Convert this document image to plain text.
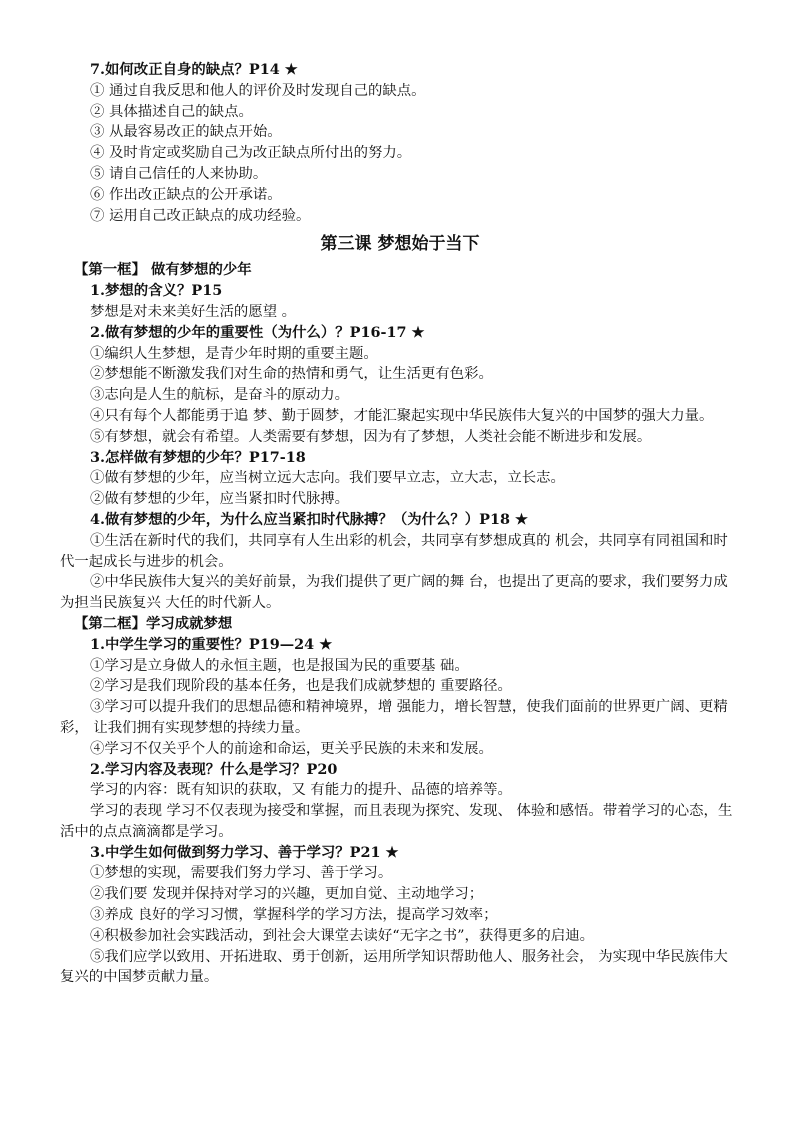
7.如何改正自身的缺点？P14 ★
① 通过自我反思和他人的评价及时发现自己的缺点。
② 具体描述自己的缺点。
③ 从最容易改正的缺点开始。
④ 及时肯定或奖励自己为改正缺点所付出的努力。
⑤ 请自己信任的人来协助。
⑥ 作出改正缺点的公开承诺。
⑦ 运用自己改正缺点的成功经验。
第三课 梦想始于当下
【第一框】 做有梦想的少年
1.梦想的含义？P15
梦想是对未来美好生活的愿望 。
2.做有梦想的少年的重要性（为什么）？P16-17 ★
①编织人生梦想，是青少年时期的重要主题。
②梦想能不断激发我们对生命的热情和勇气，让生活更有色彩。
③志向是人生的航标，是奋斗的原动力。
④只有每个人都能勇于追 梦、勤于圆梦，才能汇聚起实现中华民族伟大复兴的中国梦的强大力量。
⑤有梦想，就会有希望。人类需要有梦想，因为有了梦想，人类社会能不断进步和发展。
3.怎样做有梦想的少年？P17-18
①做有梦想的少年，应当树立远大志向。我们要早立志，立大志，立长志。
②做有梦想的少年，应当紧扣时代脉搏。
4.做有梦想的少年，为什么应当紧扣时代脉搏？（为什么？）P18 ★
①生活在新时代的我们，共同享有人生出彩的机会，共同享有梦想成真的 机会，共同享有同祖国和时代一起成长与进步的机会。
②中华民族伟大复兴的美好前景，为我们提供了更广阔的舞 台，也提出了更高的要求，我们要努力成为担当民族复兴 大任的时代新人。
【第二框】学习成就梦想
1.中学生学习的重要性？P19—24 ★
①学习是立身做人的永恒主题，也是报国为民的重要基 础。
②学习是我们现阶段的基本任务，也是我们成就梦想的 重要路径。
③学习可以提升我们的思想品德和精神境界，增 强能力，增长智慧，使我们面前的世界更广阔、更精彩， 让我们拥有实现梦想的持续力量。
④学习不仅关乎个人的前途和命运，更关乎民族的未来和发展。
2.学习内容及表现？什么是学习？P20
学习的内容：既有知识的获取，又 有能力的提升、品德的培养等。
学习的表现 学习不仅表现为接受和掌握，而且表现为探究、发现、 体验和感悟。带着学习的心态，生活中的点点滴滴都是学习。
3.中学生如何做到努力学习、善于学习？P21 ★
①梦想的实现，需要我们努力学习、善于学习。
②我们要 发现并保持对学习的兴趣，更加自觉、主动地学习；
③养成 良好的学习习惯，掌握科学的学习方法，提高学习效率；
④积极参加社会实践活动，到社会大课堂去读好“无字之书”，获得更多的启迪。
⑤我们应学以致用、开拓进取、勇于创新，运用所学知识帮助他人、服务社会， 为实现中华民族伟大复兴的中国梦贡献力量。
